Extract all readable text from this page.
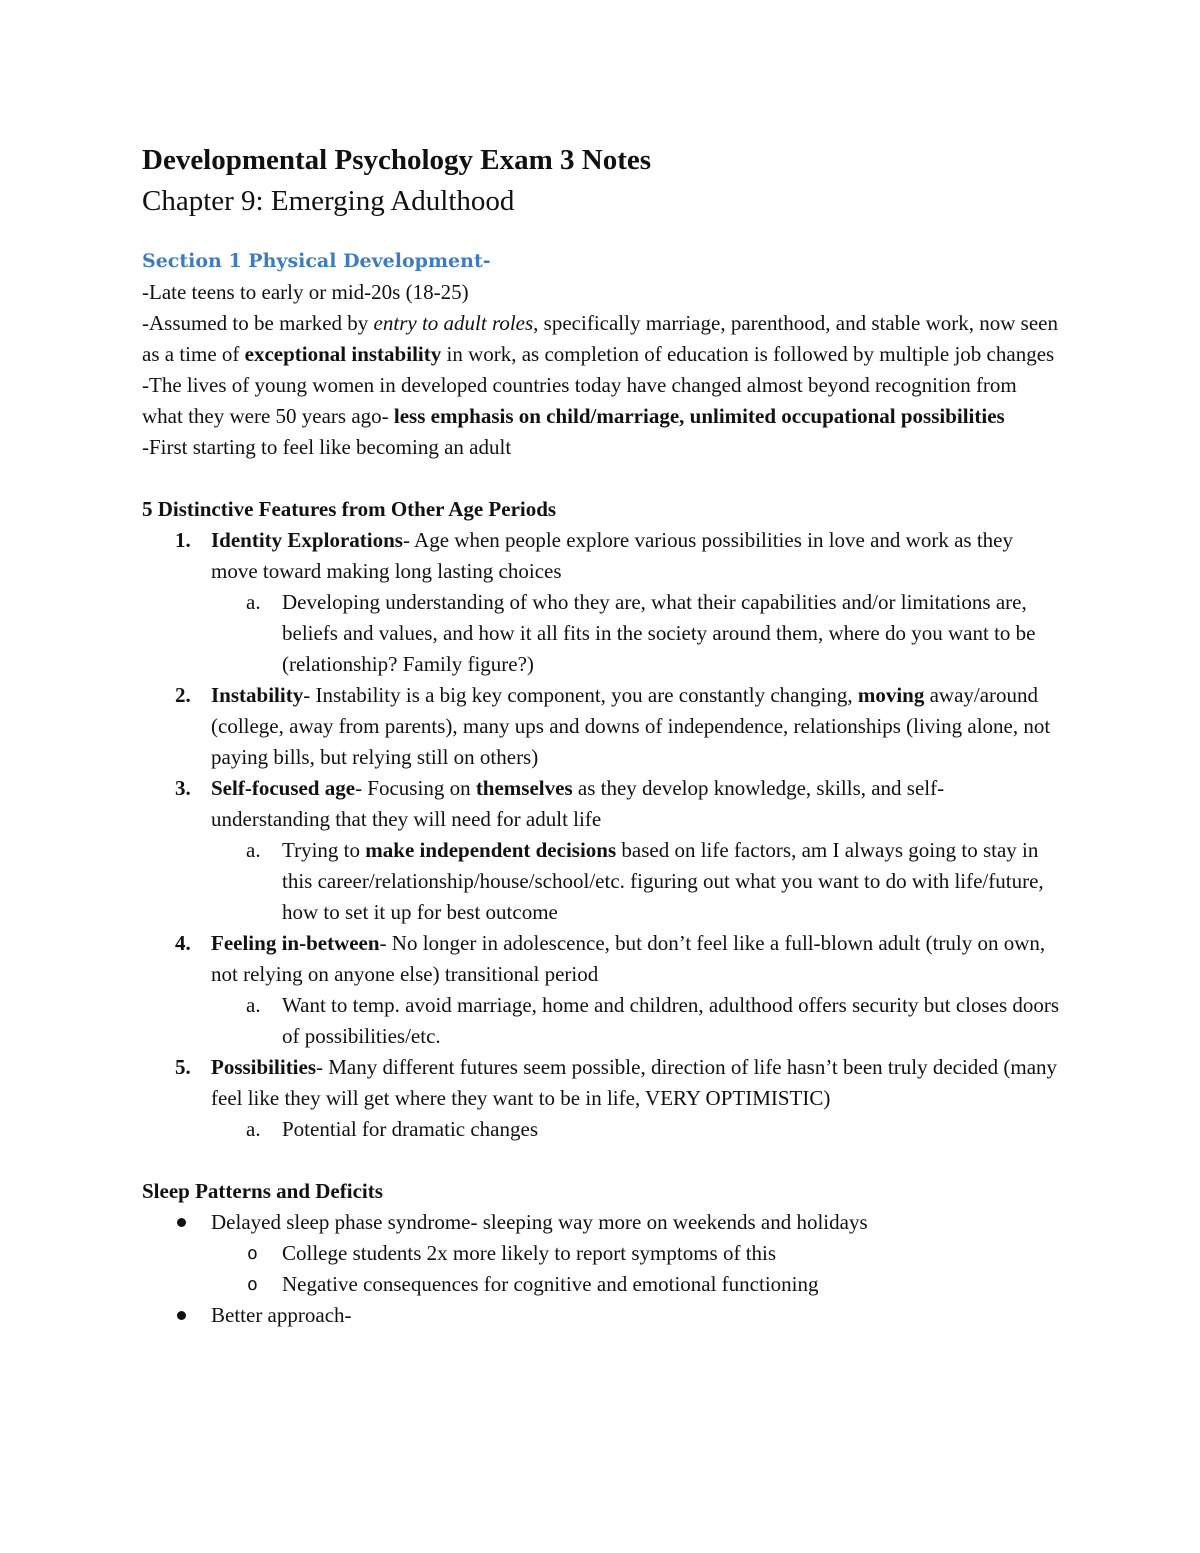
Developmental Psychology Exam 3 Notes
Chapter 9: Emerging Adulthood
Section 1 Physical Development-

-Late teens to early or mid-20s (18-25)

-Assumed to be marked by entry to adult roles, specifically marriage, parenthood, and stable work, now seen as a time of exceptional instability in work, as completion of education is followed by multiple job changes

-The lives of young women in developed countries today have changed almost beyond recognition from what they were 50 years ago- less emphasis on child/marriage, unlimited occupational possibilities

-First starting to feel like becoming an adult

5 Distinctive Features from Other Age Periods

1. Identity Explorations- Age when people explore various possibilities in love and work as they move toward making long lasting choices
a. Developing understanding of who they are, what their capabilities and/or limitations are, beliefs and values, and how it all fits in the society around them, where do you want to be (relationship? Family figure?)
2. Instability- Instability is a big key component, you are constantly changing, moving away/around (college, away from parents), many ups and downs of independence, relationships (living alone, not paying bills, but relying still on others)
3. Self-focused age- Focusing on themselves as they develop knowledge, skills, and self-understanding that they will need for adult life
a. Trying to make independent decisions based on life factors, am I always going to stay in this career/relationship/house/school/etc. figuring out what you want to do with life/future, how to set it up for best outcome
4. Feeling in-between- No longer in adolescence, but don’t feel like a full-blown adult (truly on own, not relying on anyone else) transitional period
a. Want to temp. avoid marriage, home and children, adulthood offers security but closes doors of possibilities/etc.
5. Possibilities- Many different futures seem possible, direction of life hasn’t been truly decided (many feel like they will get where they want to be in life, VERY OPTIMISTIC)
a. Potential for dramatic changes

Sleep Patterns and Deficits

Delayed sleep phase syndrome- sleeping way more on weekends and holidays
o College students 2x more likely to report symptoms of this
o Negative consequences for cognitive and emotional functioning
Better approach-
